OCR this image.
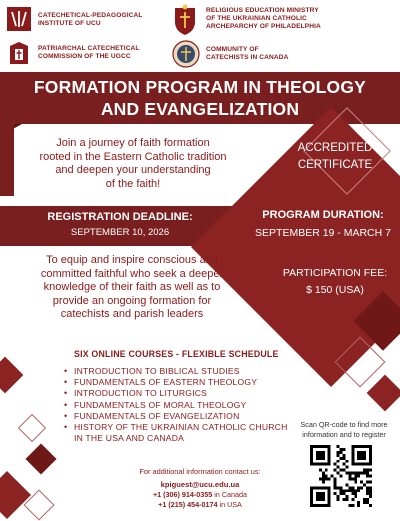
CATECHETICAL-PEDAGOGICAL
INSTITUTE OF UCU
RELIGIOUS EDUCATION MINISTRY
OF THE UKRAINIAN CATHOLIC
ARCHEPARCHY OF PHILADELPHIA
PATRIARCHAL CATECHETICAL
COMMISSION OF THE UGCC
COMMUNITY OF
CATECHISTS IN CANADA
FORMATION PROGRAM IN THEOLOGY
AND EVANGELIZATION
Join a journey of faith formation
rooted in the Eastern Catholic tradition
and deepen your understanding
of the faith!
ACCREDITED
CERTIFICATE
REGISTRATION DEADLINE:
SEPTEMBER 10, 2026
PROGRAM DURATION:
SEPTEMBER 19 - MARCH 7
To equip and inspire conscious and
committed faithful who seek a deeper
knowledge of their faith as well as to
provide an ongoing formation for
catechists and parish leaders
PARTICIPATION FEE:
$ 150 (USA)
SIX ONLINE COURSES - FLEXIBLE SCHEDULE
• INTRODUCTION TO BIBLICAL STUDIES
• FUNDAMENTALS OF EASTERN THEOLOGY
• INTRODUCTION TO LITURGICS
• FUNDAMENTALS OF MORAL THEOLOGY
• FUNDAMENTALS OF EVANGELIZATION
• HISTORY OF THE UKRAINIAN CATHOLIC CHURCH
IN THE USA AND CANADA
Scan QR-code to find more
information and to register
For additional information contact us:
kpiguest@ucu.edu.ua
+1 (306) 914-0355 in Canada
+1 (215) 454-0174 in USA
